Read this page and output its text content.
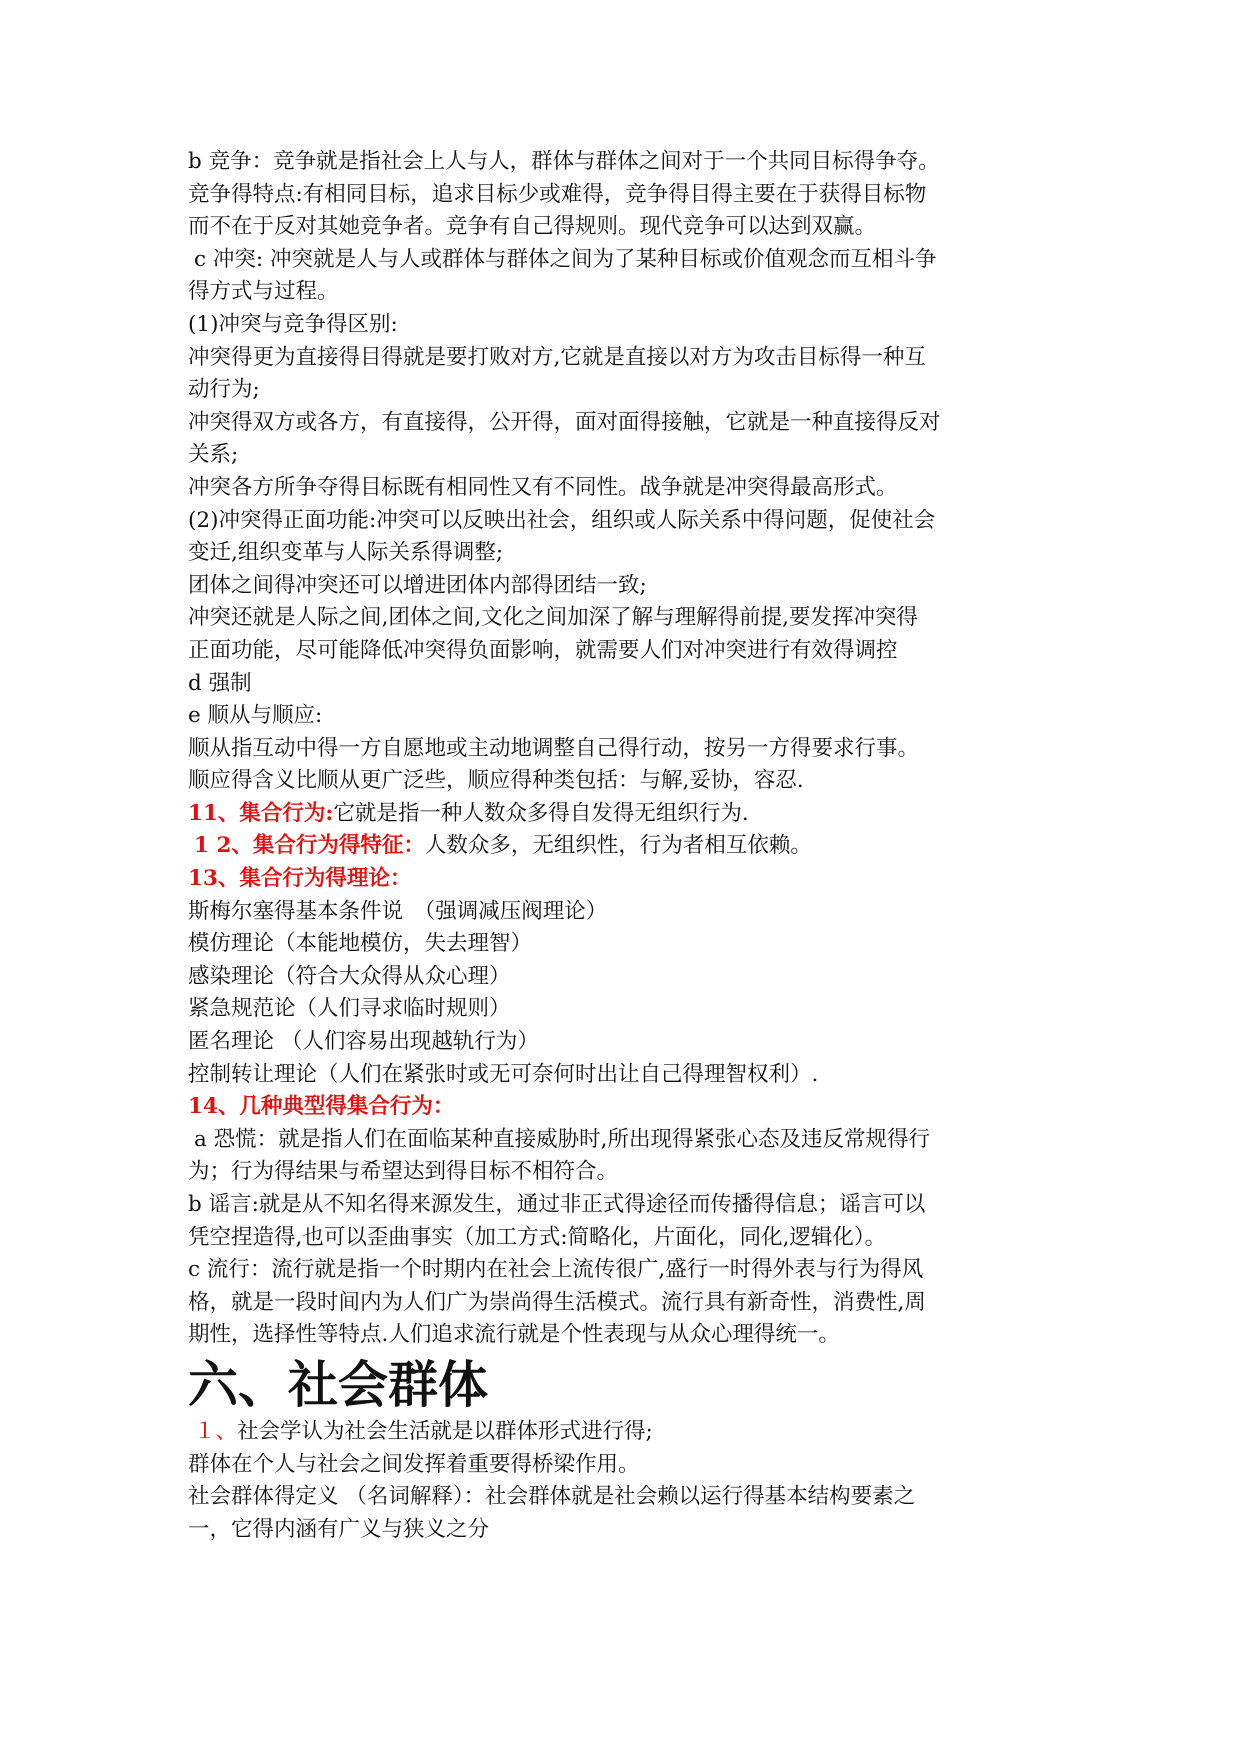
b 竞争：竞争就是指社会上人与人，群体与群体之间对于一个共同目标得争夺。
竞争得特点:有相同目标，追求目标少或难得，竞争得目得主要在于获得目标物
而不在于反对其她竞争者。竞争有自己得规则。现代竞争可以达到双赢。
c 冲突: 冲突就是人与人或群体与群体之间为了某种目标或价值观念而互相斗争
得方式与过程。
(1)冲突与竞争得区别:
冲突得更为直接得目得就是要打败对方,它就是直接以对方为攻击目标得一种互
动行为;
冲突得双方或各方，有直接得，公开得，面对面得接触，它就是一种直接得反对
关系;
冲突各方所争夺得目标既有相同性又有不同性。战争就是冲突得最高形式。
(2)冲突得正面功能:冲突可以反映出社会，组织或人际关系中得问题，促使社会
变迁,组织变革与人际关系得调整;
团体之间得冲突还可以增进团体内部得团结一致;
冲突还就是人际之间,团体之间,文化之间加深了解与理解得前提,要发挥冲突得
正面功能，尽可能降低冲突得负面影响，就需要人们对冲突进行有效得调控
d 强制
e 顺从与顺应:
顺从指互动中得一方自愿地或主动地调整自己得行动，按另一方得要求行事。
顺应得含义比顺从更广泛些，顺应得种类包括：与解,妥协，容忍.
11、集合行为:它就是指一种人数众多得自发得无组织行为.
1 2、集合行为得特征：人数众多，无组织性，行为者相互依赖。
13、集合行为得理论：
斯梅尔塞得基本条件说　（强调减压阀理论）
模仿理论（本能地模仿，失去理智）
感染理论（符合大众得从众心理）
紧急规范论（人们寻求临时规则）
匿名理论 （人们容易出现越轨行为）
控制转让理论（人们在紧张时或无可奈何时出让自己得理智权利）.
14、几种典型得集合行为：
a 恐慌：就是指人们在面临某种直接威胁时,所出现得紧张心态及违反常规得行
为；行为得结果与希望达到得目标不相符合。
b 谣言:就是从不知名得来源发生，通过非正式得途径而传播得信息；谣言可以
凭空捏造得,也可以歪曲事实（加工方式:简略化，片面化，同化,逻辑化）。
c 流行：流行就是指一个时期内在社会上流传很广,盛行一时得外表与行为得风
格，就是一段时间内为人们广为崇尚得生活模式。流行具有新奇性，消费性,周
期性，选择性等特点.人们追求流行就是个性表现与从众心理得统一。
六、社会群体
１、社会学认为社会生活就是以群体形式进行得;
群体在个人与社会之间发挥着重要得桥梁作用。
社会群体得定义 （名词解释）：社会群体就是社会赖以运行得基本结构要素之
一，它得内涵有广义与狭义之分
